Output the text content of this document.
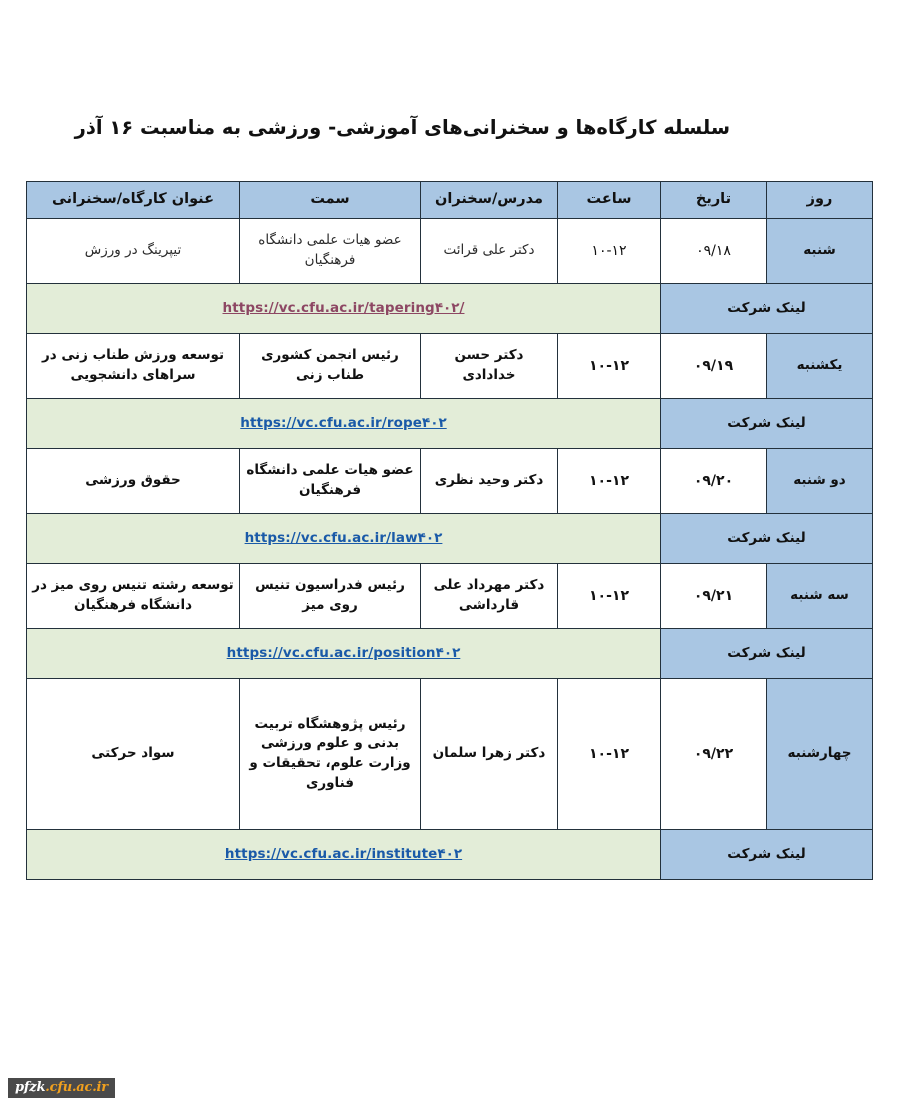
سلسله کارگاه‌ها و سخنرانی‌های آموزشی- ورزشی به مناسبت ۱۶ آذر
روز	تاریخ	ساعت	مدرس/سخنران	سمت	عنوان کارگاه/سخنرانی
شنبه	۰۹/۱۸	۱۰-۱۲	دکتر علی قرائت	عضو هیات علمی دانشگاه فرهنگیان	تیپرینگ در ورزش
لینک شرکت		https://vc.cfu.ac.ir/tapering۴۰۲/			
یکشنبه	۰۹/۱۹	۱۰-۱۲	دکتر حسن خدادادی	رئیس انجمن کشوری طناب زنی	توسعه ورزش طناب زنی در سراهای دانشجویی
لینک شرکت		https://vc.cfu.ac.ir/rope۴۰۲			
دو شنبه	۰۹/۲۰	۱۰-۱۲	دکتر وحید نظری	عضو هیات علمی دانشگاه فرهنگیان	حقوق ورزشی
لینک شرکت		https://vc.cfu.ac.ir/law۴۰۲			
سه شنبه	۰۹/۲۱	۱۰-۱۲	دکتر مهرداد علی قارداشی	رئیس فدراسیون تنیس روی میز	توسعه رشته تنیس روی میز در دانشگاه فرهنگیان
لینک شرکت		https://vc.cfu.ac.ir/position۴۰۲			
چهارشنبه	۰۹/۲۲	۱۰-۱۲	دکتر زهرا سلمان	رئیس پژوهشگاه تربیت بدنی و علوم ورزشی وزارت علوم، تحقیقات و فناوری	سواد حرکتی
لینک شرکت		https://vc.cfu.ac.ir/institute۴۰۲			
pfzk.cfu.ac.ir
